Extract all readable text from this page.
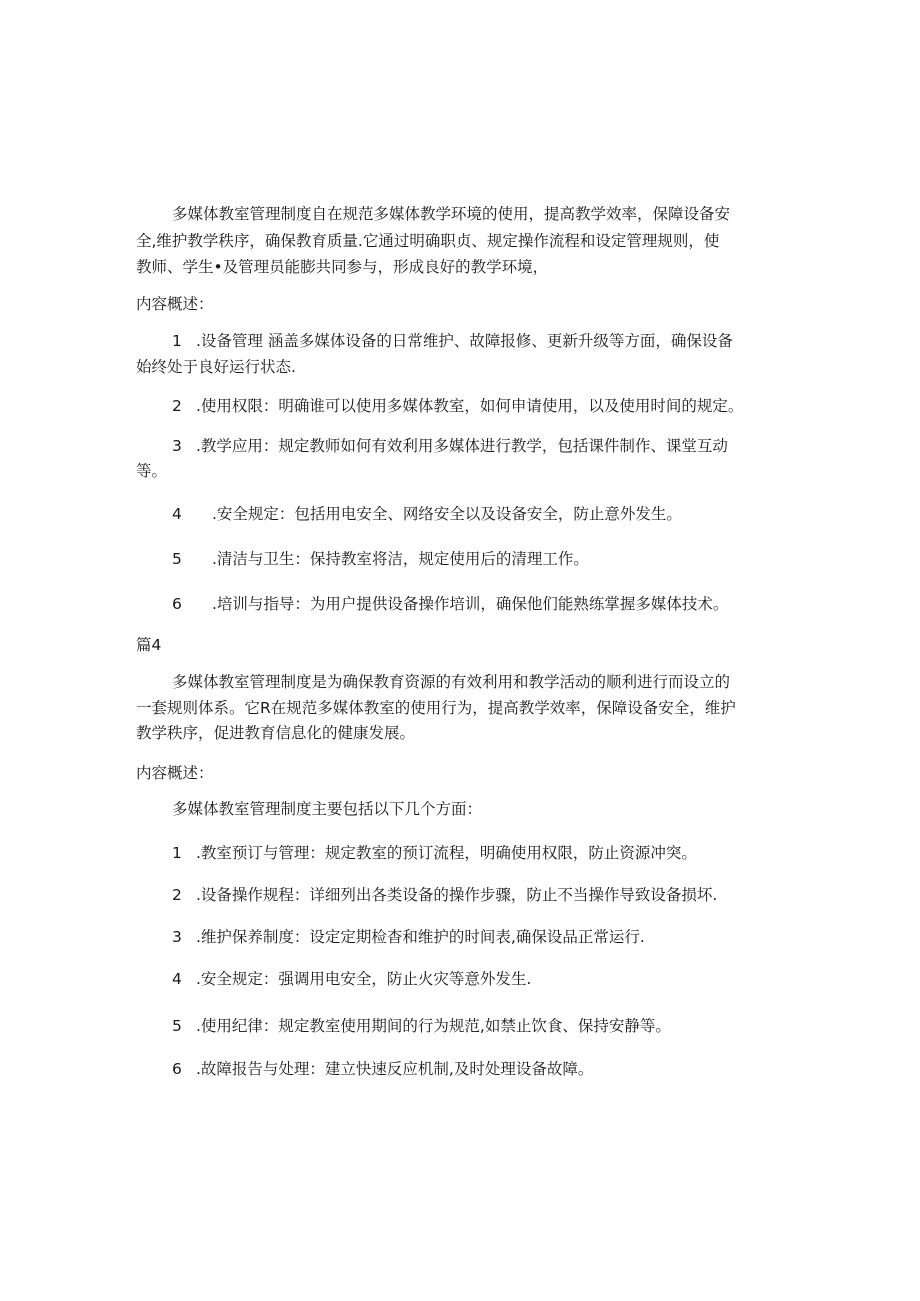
多媒体教室管理制度自在规范多媒体教学环境的使用，提高教学效率，保障设备安
全,维护教学秩序，确保教育质量.它通过明确职贞、规定操作流程和设定管理规则，使
教师、学生•及管理员能膨共同参与，形成良好的教学环境，
内容概述：
1 .设备管理 涵盖多媒体设备的日常维护、故障报修、更新升级等方面，确保设备
始终处于良好运行状态.
2 .使用权限：明确谁可以使用多媒体教室，如何申请使用，以及使用时间的规定。
3 .教学应用：规定教师如何有效利用多媒体进行教学，包括课件制作、课堂互动
等。
4 .安全规定：包括用电安全、网络安全以及设备安全，防止意外发生。
5 .清洁与卫生：保持教室将洁，规定使用后的清理工作。
6 .培训与指导：为用户提供设备操作培训，确保他们能熟练掌握多媒体技术。
篇4
多媒体教室管理制度是为确保教育资源的有效利用和教学活动的顺利进行而设立的
一套规则体系。它R在规范多媒体教室的使用行为，提高教学效率，保障设备安全，维护
教学秩序，促进教育信息化的健康发展。
内容概述：
多媒体教室管理制度主要包括以下几个方面：
1 .教室预订与管理：规定教室的预订流程，明确使用权限，防止资源冲突。
2 .设备操作规程：详细列出各类设备的操作步骤，防止不当操作导致设备损坏.
3 .维护保养制度：设定定期检杳和维护的时间表,确保设品正常运行.
4 .安全规定：强调用电安全，防止火灾等意外发生.
5 .使用纪律：规定教室使用期间的行为规范,如禁止饮食、保持安静等。
6 .故障报告与处理：建立快速反应机制,及时处理设备故障。
